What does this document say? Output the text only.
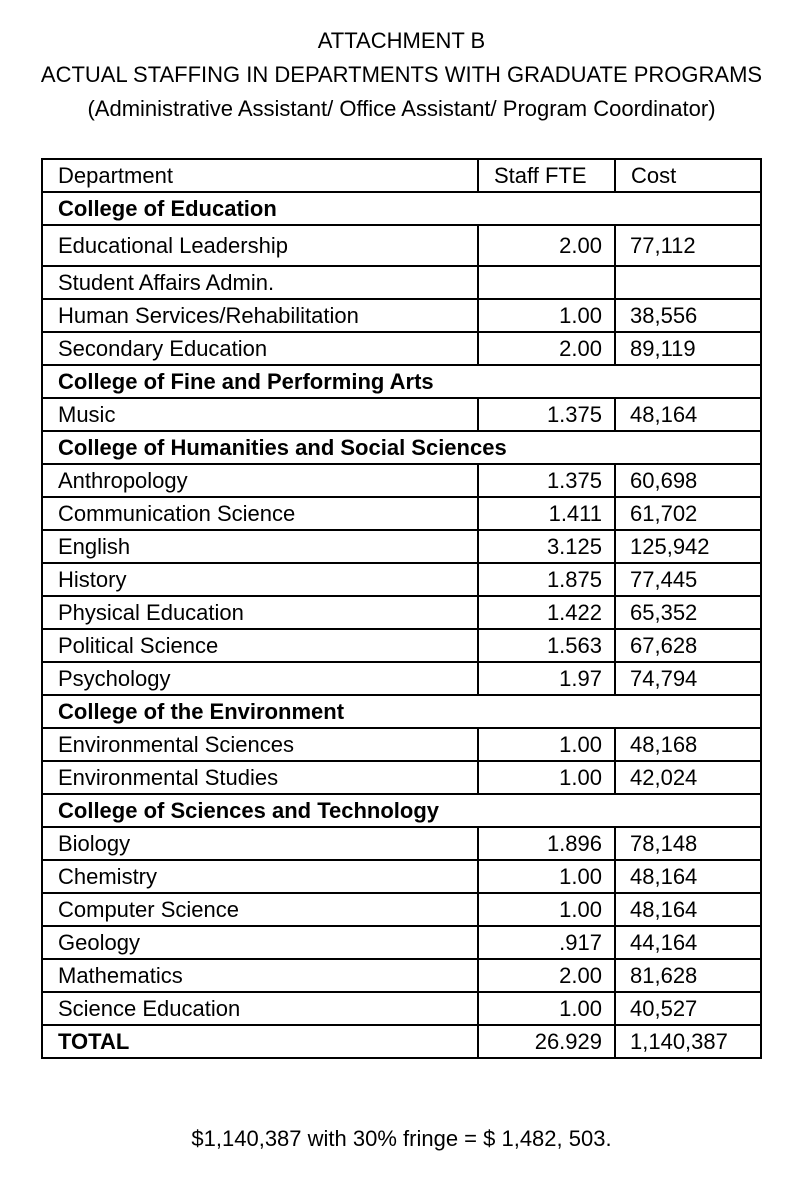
ATTACHMENT B
ACTUAL STAFFING IN DEPARTMENTS WITH GRADUATE PROGRAMS
(Administrative Assistant/ Office Assistant/ Program Coordinator)
Department	Staff FTE	Cost
College of Education		
Educational Leadership	2.00	77,112
Student Affairs Admin.		
Human Services/Rehabilitation	1.00	38,556
Secondary Education	2.00	89,119
College of Fine and Performing Arts		
Music	1.375	48,164
College of Humanities and Social Sciences		
Anthropology	1.375	60,698
Communication Science	1.411	61,702
English	3.125	125,942
History	1.875	77,445
Physical Education	1.422	65,352
Political Science	1.563	67,628
Psychology	1.97	74,794
College of the Environment		
Environmental Sciences	1.00	48,168
Environmental Studies	1.00	42,024
College of Sciences and Technology		
Biology	1.896	78,148
Chemistry	1.00	48,164
Computer Science	1.00	48,164
Geology	.917	44,164
Mathematics	2.00	81,628
Science Education	1.00	40,527
TOTAL	26.929	1,140,387
$1,140,387 with 30% fringe = $ 1,482, 503.
